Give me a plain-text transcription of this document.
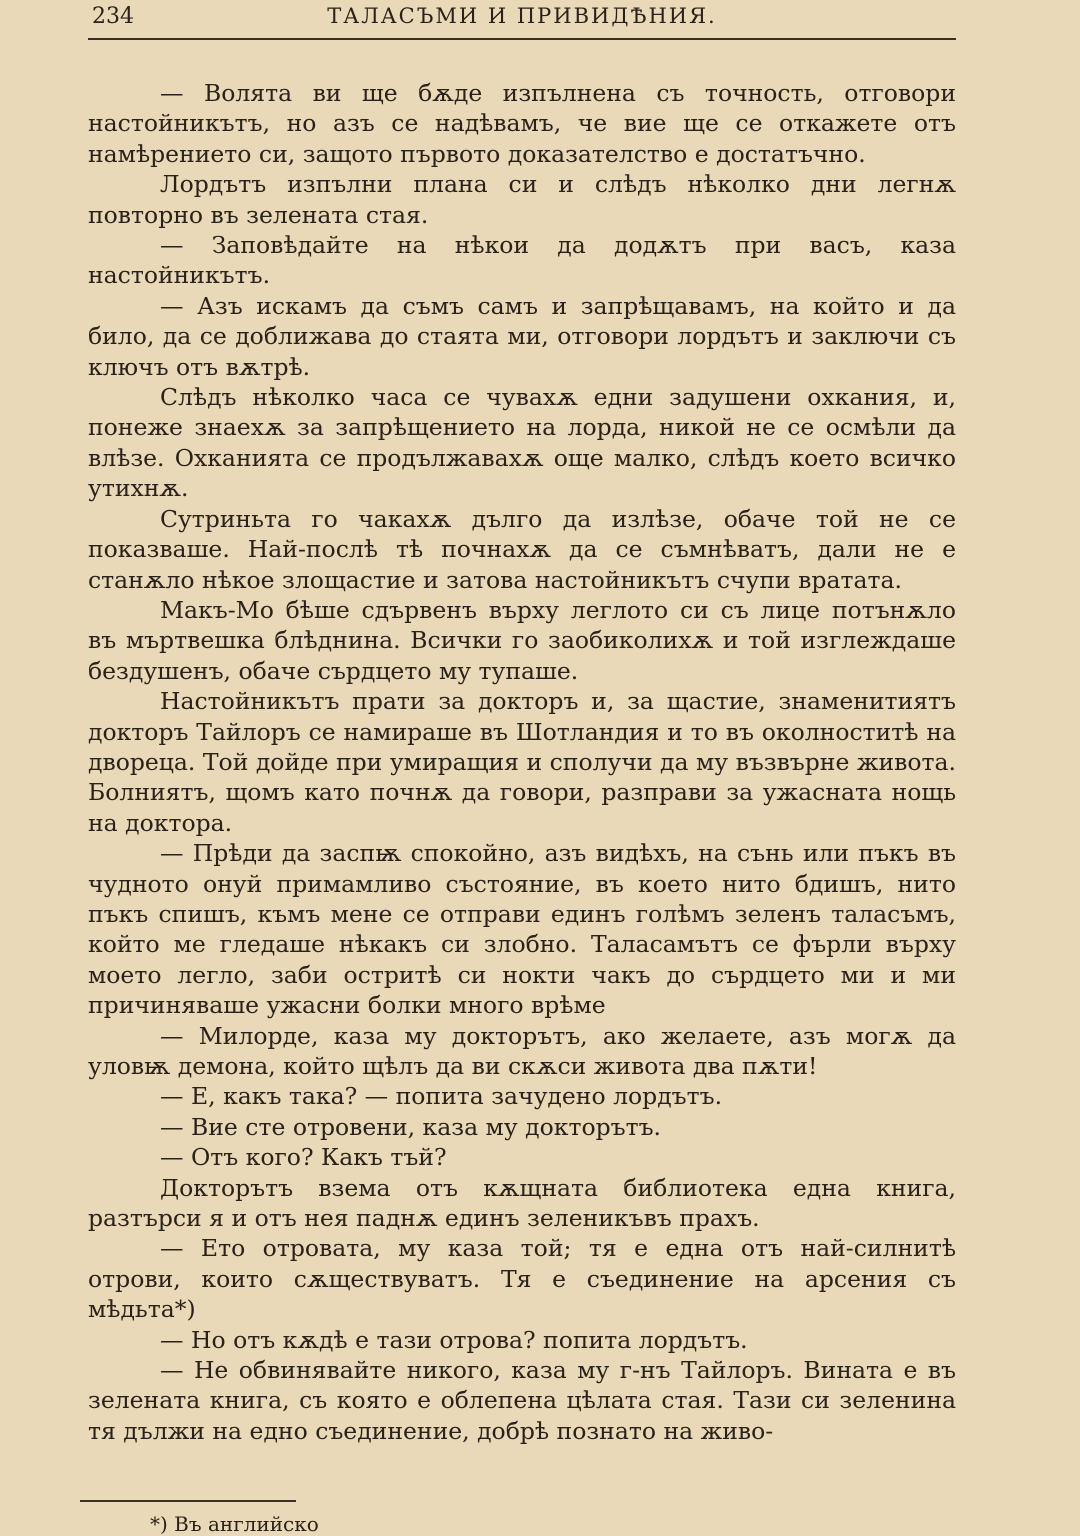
234	ТАЛАСЪМИ И ПРИВИДѢНИЯ.

— Волята ви ще бѫде изпълнена съ точность, отговори настойникътъ, но азъ се надѣвамъ, че вие ще се откажете отъ намѣрението си, защото първото доказателство е достатъчно.

Лордътъ изпълни плана си и слѣдъ нѣколко дни легнѫ повторно въ зелената стая.

— Заповѣдайте на нѣкои да додѫтъ при васъ, каза настойникътъ.

— Азъ искамъ да съмъ самъ и запрѣщавамъ, на който и да било, да се доближава до стаята ми, отговори лордътъ и заключи съ ключъ отъ вѫтрѣ.

Слѣдъ нѣколко часа се чувахѫ едни задушени охкания, и, понеже знаехѫ за запрѣщението на лорда, никой не се осмѣли да влѣзе. Охканията се продължавахѫ още малко, слѣдъ което всичко утихнѫ.

Сутриньта го чакахѫ дълго да излѣзе, обаче той не се показваше. Най-послѣ тѣ почнахѫ да се съмнѣватъ, дали не е станѫло нѣкое злощастие и затова настойникътъ счупи вратата.

Макъ-Мо бѣше сдървенъ върху леглото си съ лице потънѫло въ мъртвешка блѣднина. Всички го заобиколихѫ и той изглеждаше бездушенъ, обаче сърдцето му тупаше.

Настойникътъ прати за докторъ и, за щастие, знаменитиятъ докторъ Тайлоръ се намираше въ Шотландия и то въ околноститѣ на двореца. Той дойде при умиращия и сполучи да му възвърне живота. Болниятъ, щомъ като почнѫ да говори, разправи за ужасната нощь на доктора.

— Прѣди да заспѭ спокойно, азъ видѣхъ, на сънь или пъкъ въ чудното онуй примамливо състояние, въ което нито бдишъ, нито пъкъ спишъ, къмъ мене се отправи единъ голѣмъ зеленъ таласъмъ, който ме гледаше нѣкакъ си злобно. Таласамътъ се фърли върху моето легло, заби остритѣ си нокти чакъ до сърдцето ми и ми причиняваше ужасни болки много врѣме

— Милорде, каза му докторътъ, ако желаете, азъ могѫ да уловѭ демона, който щѣлъ да ви скѫси живота два пѫти!

— Е, какъ така? — попита зачудено лордътъ.

— Вие сте отровени, каза му докторътъ.

— Отъ кого? Какъ тъй?

Докторътъ взема отъ кѫщната библиотека една книга, разтърси я и отъ нея паднѫ единъ зеленикъвъ прахъ.

— Ето отровата, му каза той; тя е една отъ най-силнитѣ отрови, които сѫществуватъ. Тя е съединение на арсения съ мѣдьта*)

— Но отъ кѫдѣ е тази отрова? попита лордътъ.

— Не обвинявайте никого, каза му г-нъ Тайлоръ. Вината е въ зелената книга, съ която е облепена цѣлата стая. Тази си зеленина тя дължи на едно съединение, добрѣ познато на живо-

*) Въ английско
